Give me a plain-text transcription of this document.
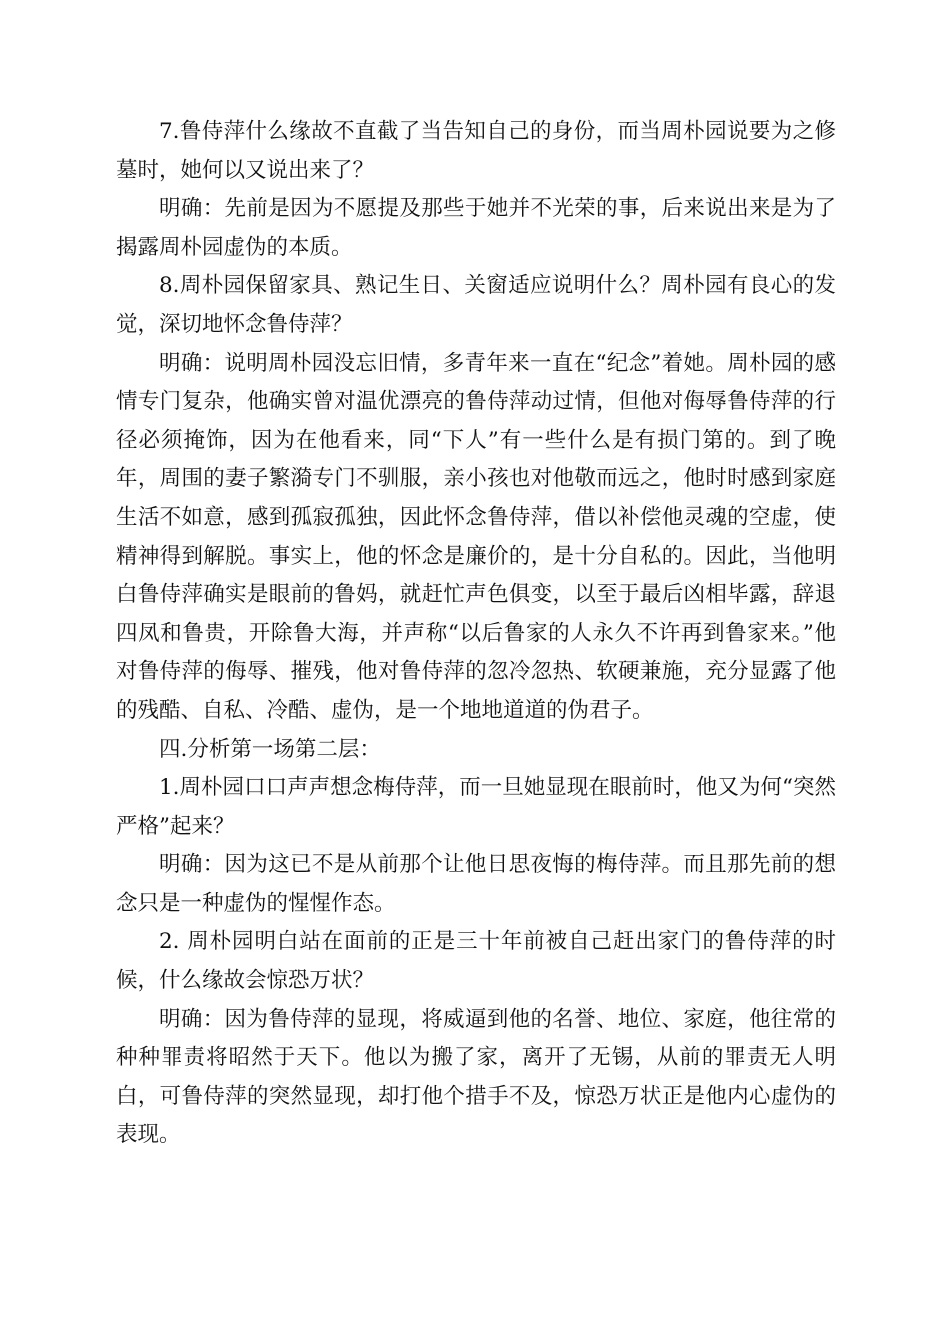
7.鲁侍萍什么缘故不直截了当告知自己的身份，而当周朴园说要为之修墓时，她何以又说出来了？

明确：先前是因为不愿提及那些于她并不光荣的事，后来说出来是为了揭露周朴园虚伪的本质。

8.周朴园保留家具、熟记生日、关窗适应说明什么？周朴园有良心的发觉，深切地怀念鲁侍萍？

明确：说明周朴园没忘旧情，多青年来一直在“纪念”着她。周朴园的感情专门复杂，他确实曾对温优漂亮的鲁侍萍动过情，但他对侮辱鲁侍萍的行径必须掩饰，因为在他看来，同“下人”有一些什么是有损门第的。到了晚年，周围的妻子繁漪专门不驯服，亲小孩也对他敬而远之，他时时感到家庭生活不如意，感到孤寂孤独，因此怀念鲁侍萍，借以补偿他灵魂的空虚，使精神得到解脱。事实上，他的怀念是廉价的，是十分自私的。因此，当他明白鲁侍萍确实是眼前的鲁妈，就赶忙声色俱变，以至于最后凶相毕露，辞退四凤和鲁贵，开除鲁大海，并声称“以后鲁家的人永久不许再到鲁家来。”他对鲁侍萍的侮辱、摧残，他对鲁侍萍的忽冷忽热、软硬兼施，充分显露了他的残酷、自私、冷酷、虚伪，是一个地地道道的伪君子。

四.分析第一场第二层：

1.周朴园口口声声想念梅侍萍，而一旦她显现在眼前时，他又为何“突然严格”起来？

明确：因为这已不是从前那个让他日思夜悔的梅侍萍。而且那先前的想念只是一种虚伪的惺惺作态。

2. 周朴园明白站在面前的正是三十年前被自己赶出家门的鲁侍萍的时候，什么缘故会惊恐万状？

明确：因为鲁侍萍的显现，将威逼到他的名誉、地位、家庭，他往常的种种罪责将昭然于天下。他以为搬了家，离开了无锡，从前的罪责无人明白，可鲁侍萍的突然显现，却打他个措手不及，惊恐万状正是他内心虚伪的表现。
